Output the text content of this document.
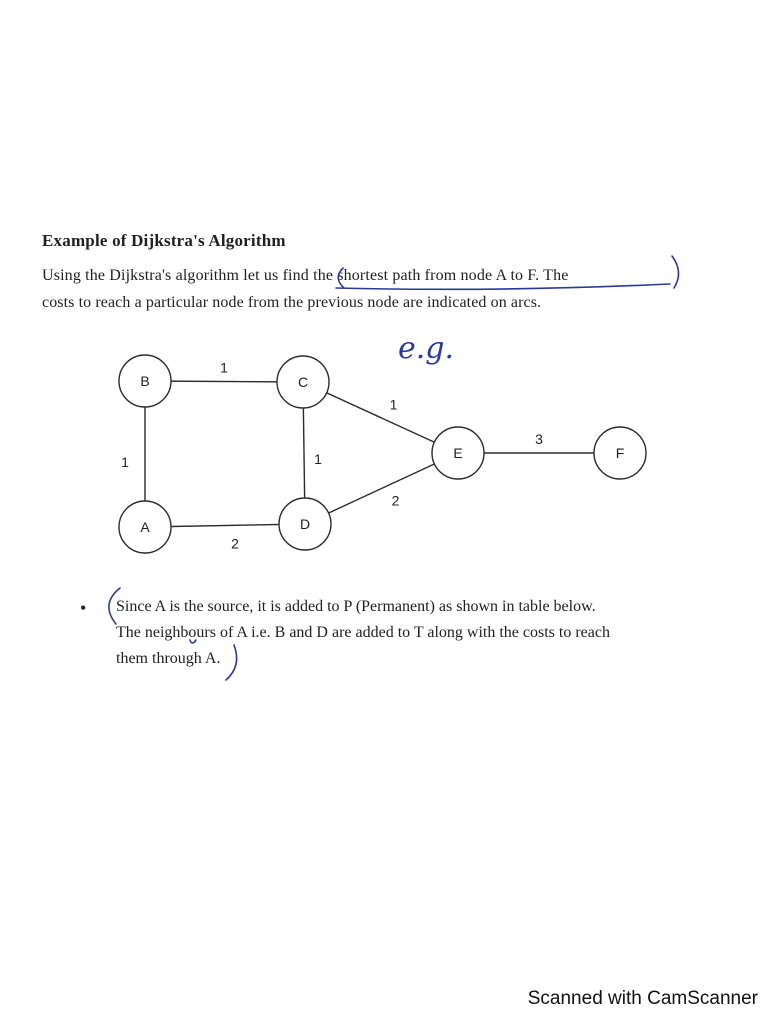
Example of Dijkstra's Algorithm
Using the Dijkstra's algorithm let us find the shortest path from node A to F. The
costs to reach a particular node from the previous node are indicated on arcs.
e.g.
1
1	1
1
2
2
3
A
B	C
D
E	F
• Since A is the source, it is added to P (Permanent) as shown in table below.
The neighbours of A i.e. B and D are added to T along with the costs to reach
them through A.
Scanned with CamScanner
